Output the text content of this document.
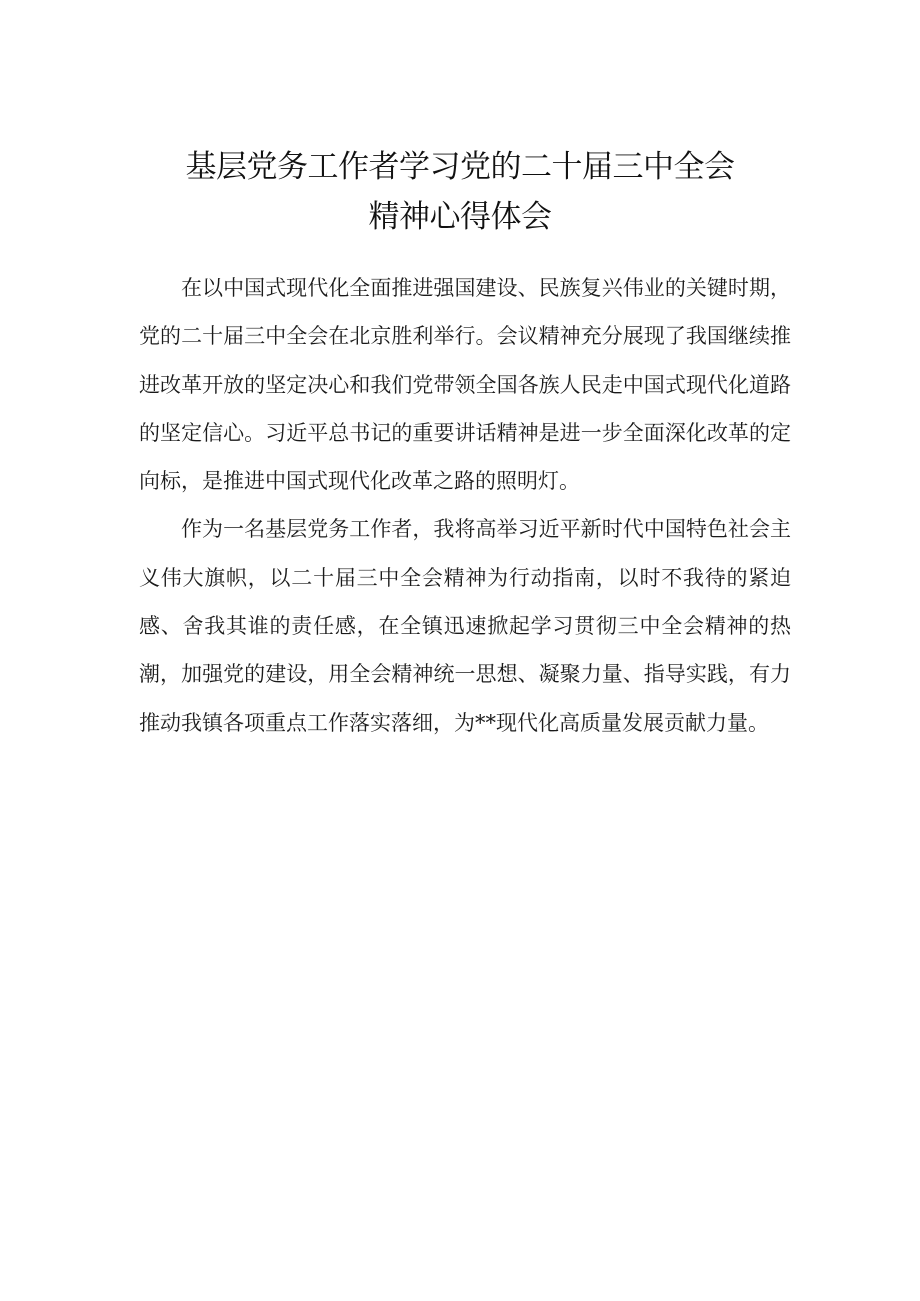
基层党务工作者学习党的二十届三中全会
精神心得体会

在以中国式现代化全面推进强国建设、民族复兴伟业的关键时期，党的二十届三中全会在北京胜利举行。会议精神充分展现了我国继续推进改革开放的坚定决心和我们党带领全国各族人民走中国式现代化道路的坚定信心。习近平总书记的重要讲话精神是进一步全面深化改革的定向标，是推进中国式现代化改革之路的照明灯。

作为一名基层党务工作者，我将高举习近平新时代中国特色社会主义伟大旗帜，以二十届三中全会精神为行动指南，以时不我待的紧迫感、舍我其谁的责任感，在全镇迅速掀起学习贯彻三中全会精神的热潮，加强党的建设，用全会精神统一思想、凝聚力量、指导实践，有力推动我镇各项重点工作落实落细，为**现代化高质量发展贡献力量。
